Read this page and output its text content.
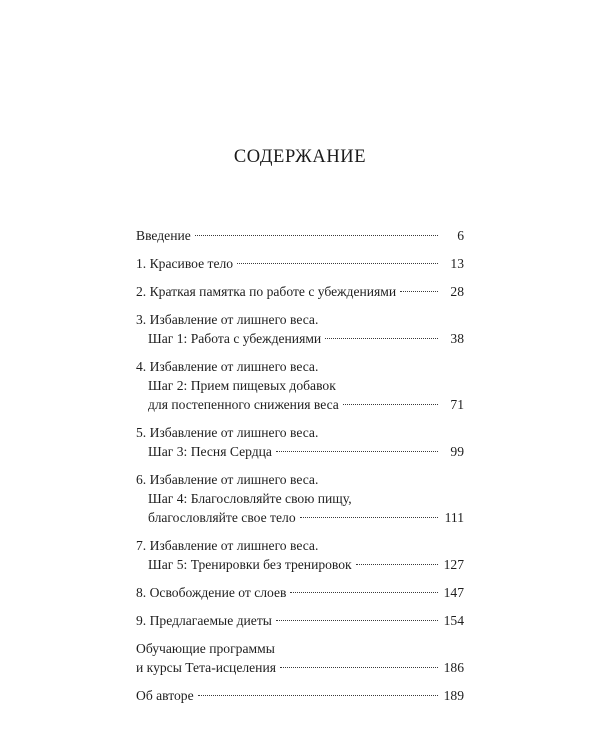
СОДЕРЖАНИЕ
Введение	6
1. Красивое тело	13
2. Краткая памятка по работе с убеждениями	28
3. Избавление от лишнего веса.
Шаг 1: Работа с убеждениями	38
4. Избавление от лишнего веса.
Шаг 2: Прием пищевых добавок
для постепенного снижения веса	71
5. Избавление от лишнего веса.
Шаг 3: Песня Сердца	99
6. Избавление от лишнего веса.
Шаг 4: Благословляйте свою пищу,
благословляйте свое тело	111
7. Избавление от лишнего веса.
Шаг 5: Тренировки без тренировок	127
8. Освобождение от слоев	147
9. Предлагаемые диеты	154
Обучающие программы
и курсы Тета-исцеления	186
Об авторе	189
